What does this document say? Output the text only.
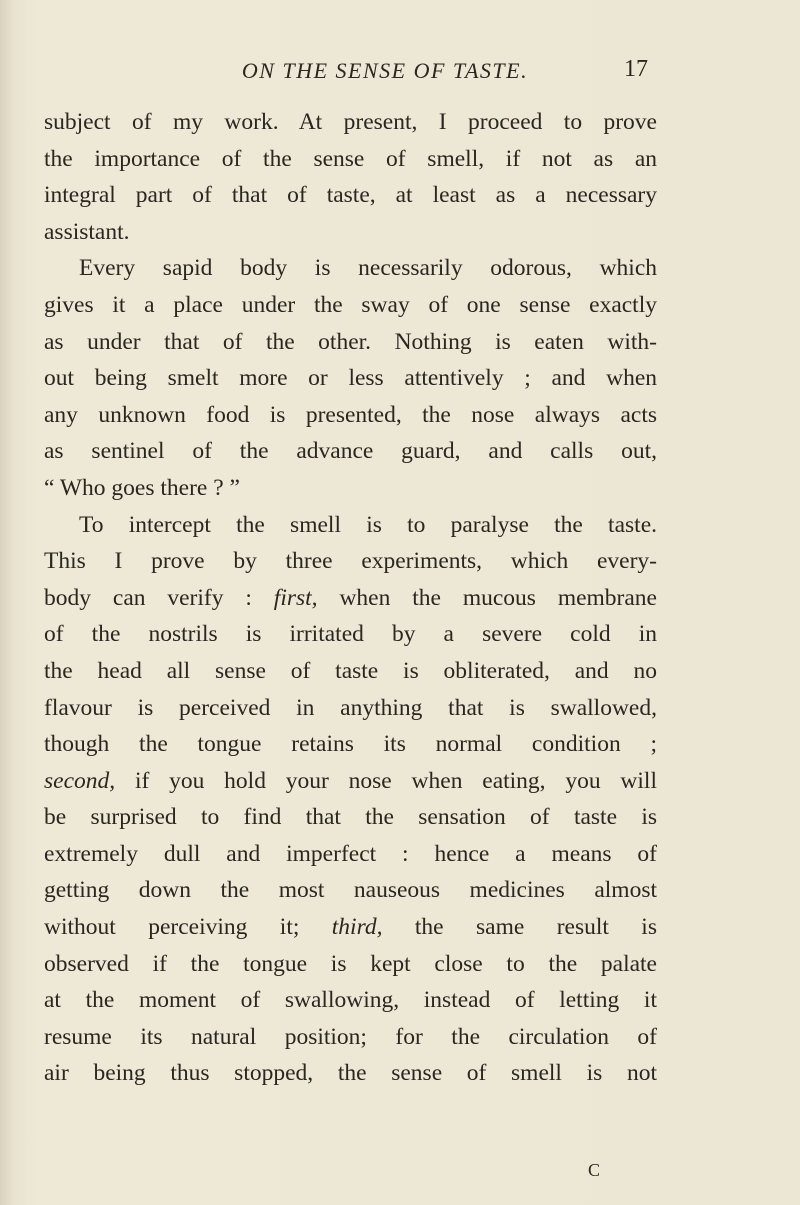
ON THE SENSE OF TASTE.	17
subject of my work. At present, I proceed to prove
the importance of the sense of smell, if not as an
integral part of that of taste, at least as a necessary
assistant.
Every sapid body is necessarily odorous, which
gives it a place under the sway of one sense exactly
as under that of the other. Nothing is eaten with-
out being smelt more or less attentively ; and when
any unknown food is presented, the nose always acts
as sentinel of the advance guard, and calls out,
“ Who goes there ? ”
To intercept the smell is to paralyse the taste.
This I prove by three experiments, which every-
body can verify : first, when the mucous membrane
of the nostrils is irritated by a severe cold in
the head all sense of taste is obliterated, and no
flavour is perceived in anything that is swallowed,
though the tongue retains its normal condition ;
second, if you hold your nose when eating, you will
be surprised to find that the sensation of taste is
extremely dull and imperfect : hence a means of
getting down the most nauseous medicines almost
without perceiving it; third, the same result is
observed if the tongue is kept close to the palate
at the moment of swallowing, instead of letting it
resume its natural position; for the circulation of
air being thus stopped, the sense of smell is not
C
